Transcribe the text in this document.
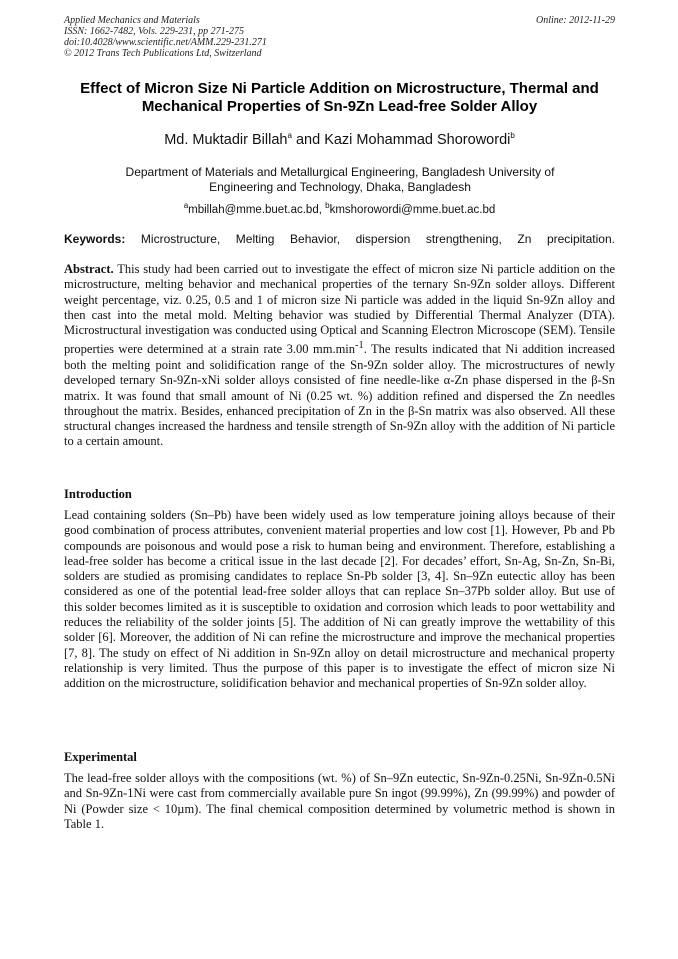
Applied Mechanics and Materials
ISSN: 1662-7482, Vols. 229-231, pp 271-275
doi:10.4028/www.scientific.net/AMM.229-231.271
© 2012 Trans Tech Publications Ltd, Switzerland
Online: 2012-11-29
Effect of Micron Size Ni Particle Addition on Microstructure, Thermal and Mechanical Properties of Sn-9Zn Lead-free Solder Alloy
Md. Muktadir Billah$^a$ and Kazi Mohammad Shorowordi$^b$
Department of Materials and Metallurgical Engineering, Bangladesh University of Engineering and Technology, Dhaka, Bangladesh
$^a$mbillah@mme.buet.ac.bd, $^b$kmshorowordi@mme.buet.ac.bd
Keywords: Microstructure, Melting Behavior, dispersion strengthening, Zn precipitation.
Abstract. This study had been carried out to investigate the effect of micron size Ni particle addition on the microstructure, melting behavior and mechanical properties of the ternary Sn-9Zn solder alloys. Different weight percentage, viz. 0.25, 0.5 and 1 of micron size Ni particle was added in the liquid Sn-9Zn alloy and then cast into the metal mold. Melting behavior was studied by Differential Thermal Analyzer (DTA). Microstructural investigation was conducted using Optical and Scanning Electron Microscope (SEM). Tensile properties were determined at a strain rate 3.00 $mm.\min^{-1}$. The results indicated that Ni addition increased both the melting point and solidification range of the Sn-9Zn solder alloy. The microstructures of newly developed ternary Sn-9Zn-xNi solder alloys consisted of fine needle-like α-Zn phase dispersed in the β-Sn matrix. It was found that small amount of Ni (0.25 wt. %) addition refined and dispersed the Zn needles throughout the matrix. Besides, enhanced precipitation of Zn in the β-Sn matrix was also observed. All these structural changes increased the hardness and tensile strength of Sn-9Zn alloy with the addition of Ni particle to a certain amount.
Introduction
Lead containing solders (Sn–Pb) have been widely used as low temperature joining alloys because of their good combination of process attributes, convenient material properties and low cost [1]. However, Pb and Pb compounds are poisonous and would pose a risk to human being and environment. Therefore, establishing a lead-free solder has become a critical issue in the last decade [2]. For decades’ effort, Sn-Ag, Sn-Zn, Sn-Bi, solders are studied as promising candidates to replace Sn-Pb solder [3, 4]. Sn–9Zn eutectic alloy has been considered as one of the potential lead-free solder alloys that can replace Sn–37Pb solder alloy. But use of this solder becomes limited as it is susceptible to oxidation and corrosion which leads to poor wettability and reduces the reliability of the solder joints [5]. The addition of Ni can greatly improve the wettability of this solder [6]. Moreover, the addition of Ni can refine the microstructure and improve the mechanical properties [7, 8]. The study on effect of Ni addition in Sn-9Zn alloy on detail microstructure and mechanical property relationship is very limited. Thus the purpose of this paper is to investigate the effect of micron size Ni addition on the microstructure, solidification behavior and mechanical properties of Sn-9Zn solder alloy.
Experimental
The lead-free solder alloys with the compositions (wt. %) of Sn–9Zn eutectic, Sn-9Zn-0.25Ni, Sn-9Zn-0.5Ni and Sn-9Zn-1Ni were cast from commercially available pure Sn ingot (99.99%), Zn (99.99%) and powder of Ni (Powder size < 10µm). The final chemical composition determined by volumetric method is shown in Table 1.
